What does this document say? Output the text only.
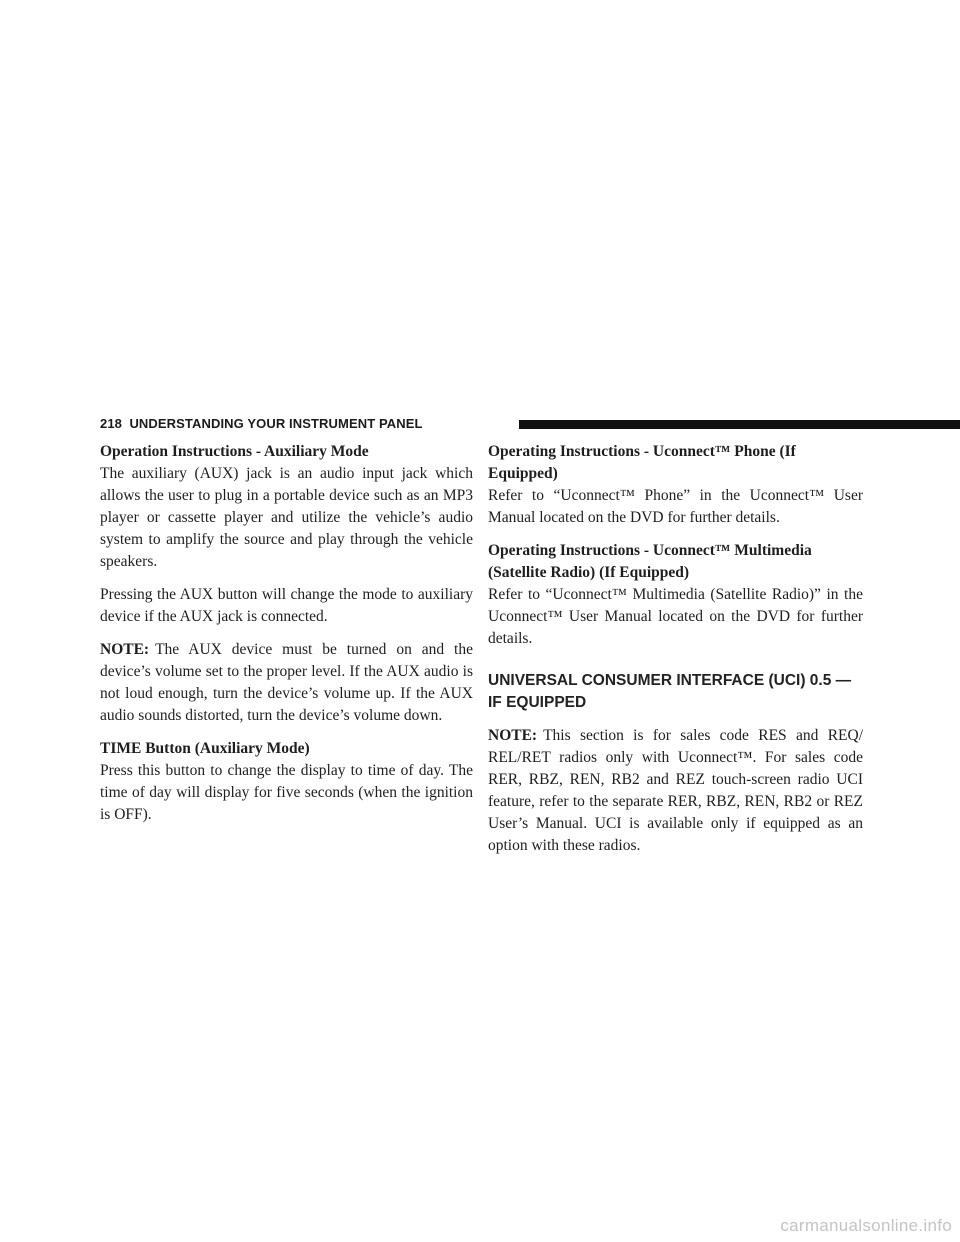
218 UNDERSTANDING YOUR INSTRUMENT PANEL

Operation Instructions - Auxiliary Mode

The auxiliary (AUX) jack is an audio input jack which allows the user to plug in a portable device such as an MP3 player or cassette player and utilize the vehicle’s audio system to amplify the source and play through the vehicle speakers.

Pressing the AUX button will change the mode to auxiliary device if the AUX jack is connected.

NOTE: The AUX device must be turned on and the device’s volume set to the proper level. If the AUX audio is not loud enough, turn the device’s volume up. If the AUX audio sounds distorted, turn the device’s volume down.

TIME Button (Auxiliary Mode)

Press this button to change the display to time of day. The time of day will display for five seconds (when the ignition is OFF).

Operating Instructions - Uconnect™ Phone (If Equipped)

Refer to “Uconnect™ Phone” in the Uconnect™ User Manual located on the DVD for further details.

Operating Instructions - Uconnect™ Multimedia (Satellite Radio) (If Equipped)

Refer to “Uconnect™ Multimedia (Satellite Radio)” in the Uconnect™ User Manual located on the DVD for further details.

UNIVERSAL CONSUMER INTERFACE (UCI) 0.5 — IF EQUIPPED

NOTE: This section is for sales code RES and REQ/ REL/RET radios only with Uconnect™. For sales code RER, RBZ, REN, RB2 and REZ touch-screen radio UCI feature, refer to the separate RER, RBZ, REN, RB2 or REZ User’s Manual. UCI is available only if equipped as an option with these radios.

carmanualsonline.info
